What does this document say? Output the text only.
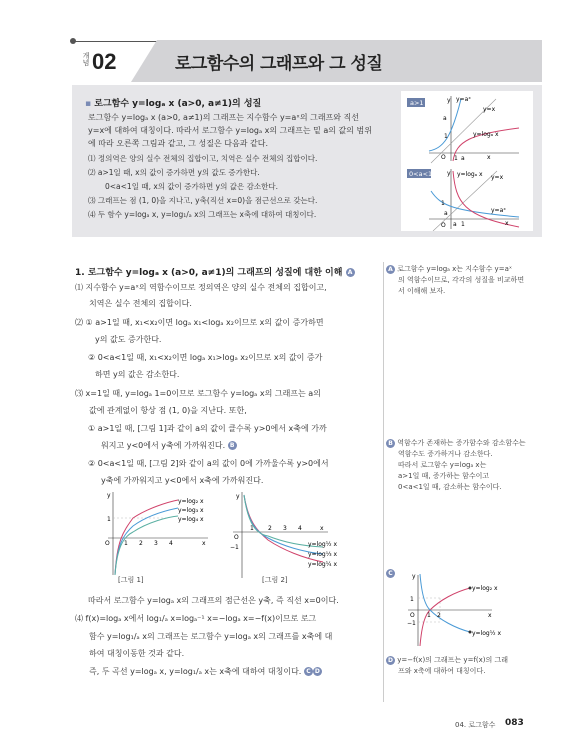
개념 02	로그함수의 그래프와 그 성질
▪ 로그함수 y=logₐ x (a>0, a≠1)의 성질
로그함수 y=logₐ x (a>0, a≠1)의 그래프는 지수함수 y=aˣ의 그래프와 직선
y=x에 대하여 대칭이다. 따라서 로그함수 y=logₐ x의 그래프는 밑 a의 값의 범위
에 따라 오른쪽 그림과 같고, 그 성질은 다음과 같다.
⑴ 정의역은 양의 실수 전체의 집합이고, 치역은 실수 전체의 집합이다.
⑵ a>1일 때, x의 값이 증가하면 y의 값도 증가한다.
0<a<1일 때, x의 값이 증가하면 y의 값은 감소한다.
⑶ 그래프는 점 (1, 0)을 지나고, y축(직선 x=0)을 점근선으로 갖는다.
⑷ 두 함수 y=logₐ x, y=log₁/ₐ x의 그래프는 x축에 대하여 대칭이다.
a>1	y=aˣ
y=x
a
1
O 1 a	x
y
y=logₐ x
0<a<1 y y=logₐ x y=x
1
a
O a 1	x
y=aˣ
1. 로그함수 y=logₐ x (a>0, a≠1)의 그래프의 성질에 대한 이해 A
⑴ 지수함수 y=aˣ의 역함수이므로 정의역은 양의 실수 전체의 집합이고,
치역은 실수 전체의 집합이다.
⑵ ① a>1일 때, x₁<x₂이면 logₐ x₁<logₐ x₂이므로 x의 값이 증가하면
y의 값도 증가한다.
② 0<a<1일 때, x₁<x₂이면 logₐ x₁>logₐ x₂이므로 x의 값이 증가
하면 y의 값은 감소한다.
⑶ x=1일 때, y=logₐ 1=0이므로 로그함수 y=logₐ x의 그래프는 a의
값에 관계없이 항상 점 (1, 0)을 지난다. 또한,
① a>1일 때, [그림 1]과 같이 a의 값이 클수록 y>0에서 x축에 가까
워지고 y<0에서 y축에 가까워진다. B
② 0<a<1일 때, [그림 2]와 같이 a의 값이 0에 가까울수록 y>0에서
y축에 가까워지고 y<0에서 x축에 가까워진다.
y
y=log₂ x
y=log₃ x
y=log₄ x
1
O 1 2 3 4	x
[그림 1]
y
1
O
−1
2 3 4	x
y=log½ x
y=log⅓ x
y=log¼ x
[그림 2]
따라서 로그함수 y=logₐ x의 그래프의 점근선은 y축, 즉 직선 x=0이다.
⑷ f(x)=logₐ x에서 log₁/ₐ x=logₐ⁻¹ x=−logₐ x=−f(x)이므로 로그
함수 y=log₁/ₐ x의 그래프는 로그함수 y=logₐ x의 그래프를 x축에 대
하여 대칭이동한 것과 같다.
즉, 두 곡선 y=logₐ x, y=log₁/ₐ x는 x축에 대하여 대칭이다. C D
A 로그함수 y=logₐ x는 지수함수 y=aˣ
의 역함수이므로, 각각의 성질을 비교하면
서 이해해 보자.
B 역함수가 존재하는 증가함수와 감소함수는
역함수도 증가하거나 감소한다.
따라서 로그함수 y=logₐ x는
a>1일 때, 증가하는 함수이고
0<a<1일 때, 감소하는 함수이다.
C	y
y=log₂ x
1
O
−1
1 2	x
y=log½ x
D y=−f(x)의 그래프는 y=f(x)의 그래
프와 x축에 대하여 대칭이다.
04. 로그함수 083
